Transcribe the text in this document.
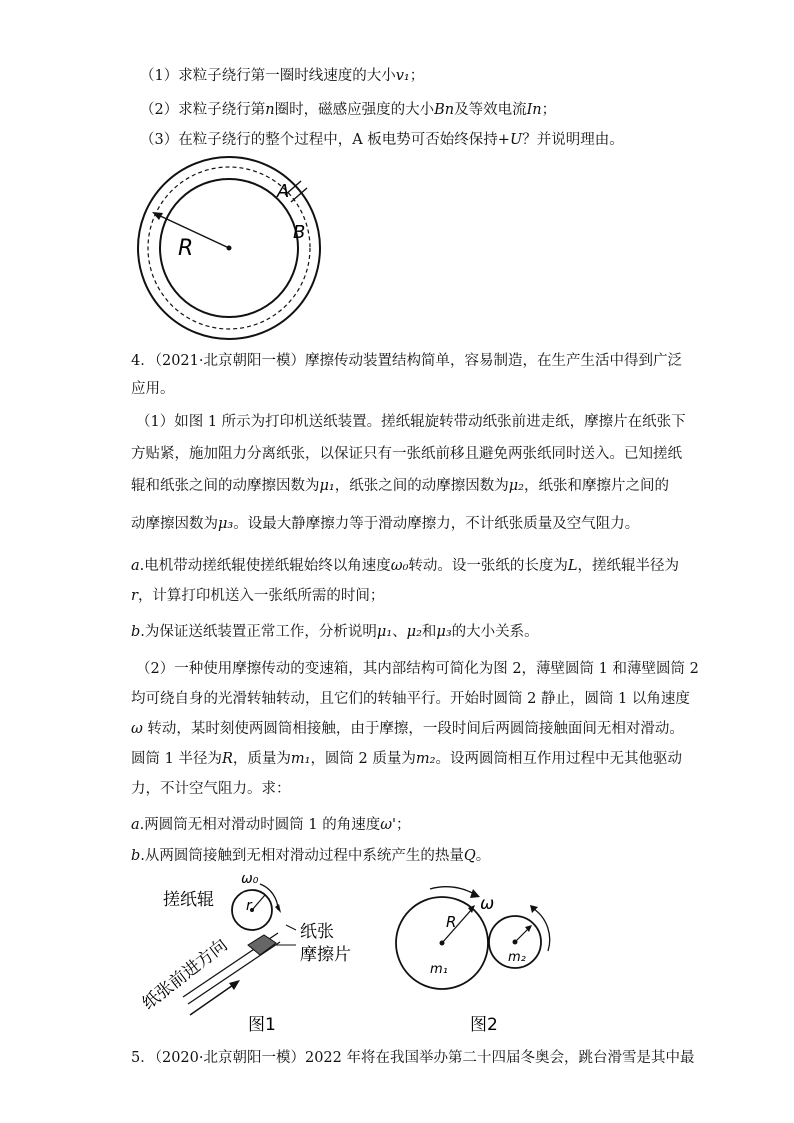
（1）求粒子绕行第一圈时线速度的大小v₁；
（2）求粒子绕行第n圈时，磁感应强度的大小Bn及等效电流In；
（3）在粒子绕行的整个过程中，A 板电势可否始终保持+U？并说明理由。
R
A
B
4．（2021·北京朝阳一模）摩擦传动装置结构简单，容易制造，在生产生活中得到广泛
应用。
（1）如图 1 所示为打印机送纸装置。搓纸辊旋转带动纸张前进走纸，摩擦片在纸张下
方贴紧，施加阻力分离纸张，以保证只有一张纸前移且避免两张纸同时送入。已知搓纸
辊和纸张之间的动摩擦因数为μ₁，纸张之间的动摩擦因数为μ₂，纸张和摩擦片之间的
动摩擦因数为μ₃。设最大静摩擦力等于滑动摩擦力，不计纸张质量及空气阻力。
a.电机带动搓纸辊使搓纸辊始终以角速度ω₀转动。设一张纸的长度为L，搓纸辊半径为
r，计算打印机送入一张纸所需的时间；
b.为保证送纸装置正常工作，分析说明μ₁、μ₂和μ₃的大小关系。
（2）一种使用摩擦传动的变速箱，其内部结构可简化为图 2，薄壁圆筒 1 和薄壁圆筒 2
均可绕自身的光滑转轴转动，且它们的转轴平行。开始时圆筒 2 静止，圆筒 1 以角速度
ω 转动，某时刻使两圆筒相接触，由于摩擦，一段时间后两圆筒接触面间无相对滑动。
圆筒 1 半径为R，质量为m₁，圆筒 2 质量为m₂。设两圆筒相互作用过程中无其他驱动
力，不计空气阻力。求：
a.两圆筒无相对滑动时圆筒 1 的角速度ω'；
b.从两圆筒接触到无相对滑动过程中系统产生的热量Q。
搓纸辊
ω₀
r
纸张
摩擦片
纸张前进方向
图1
R
ω
m₁
m₂
图2
5．（2020·北京朝阳一模）2022 年将在我国举办第二十四届冬奥会，跳台滑雪是其中最
